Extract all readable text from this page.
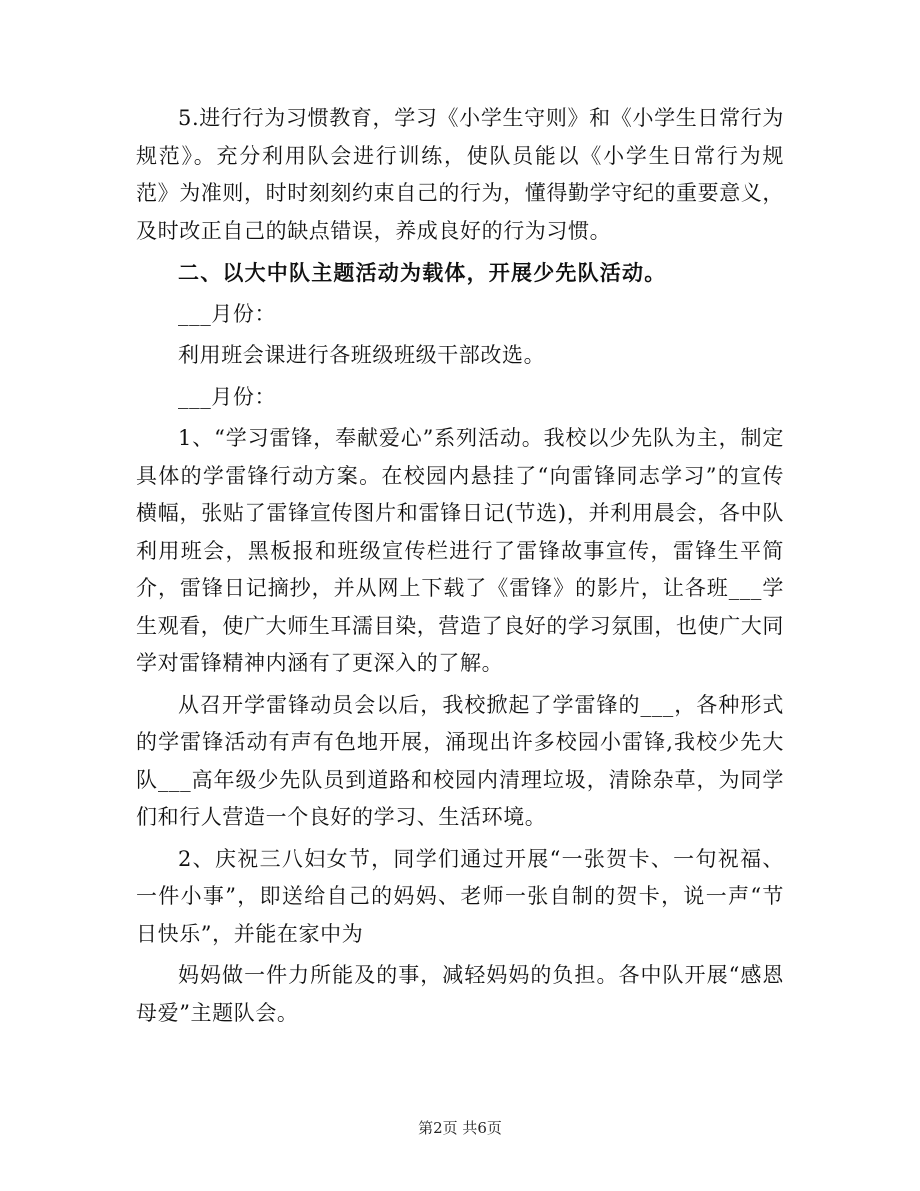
5.进行行为习惯教育，学习《小学生守则》和《小学生日常行为规范》。充分利用队会进行训练，使队员能以《小学生日常行为规范》为准则，时时刻刻约束自己的行为，懂得勤学守纪的重要意义，及时改正自己的缺点错误，养成良好的行为习惯。

二、以大中队主题活动为载体，开展少先队活动。

___月份：

利用班会课进行各班级班级干部改选。

___月份：

1、“学习雷锋，奉献爱心”系列活动。我校以少先队为主，制定具体的学雷锋行动方案。在校园内悬挂了“向雷锋同志学习”的宣传横幅，张贴了雷锋宣传图片和雷锋日记(节选)，并利用晨会，各中队利用班会，黑板报和班级宣传栏进行了雷锋故事宣传，雷锋生平简介，雷锋日记摘抄，并从网上下载了《雷锋》的影片，让各班___学生观看，使广大师生耳濡目染，营造了良好的学习氛围，也使广大同学对雷锋精神内涵有了更深入的了解。

从召开学雷锋动员会以后，我校掀起了学雷锋的___，各种形式的学雷锋活动有声有色地开展，涌现出许多校园小雷锋,我校少先大队___高年级少先队员到道路和校园内清理垃圾，清除杂草，为同学们和行人营造一个良好的学习、生活环境。

2、庆祝三八妇女节，同学们通过开展“一张贺卡、一句祝福、一件小事”，即送给自己的妈妈、老师一张自制的贺卡，说一声“节日快乐”，并能在家中为

妈妈做一件力所能及的事，减轻妈妈的负担。各中队开展“感恩母爱”主题队会。

第2页 共6页
